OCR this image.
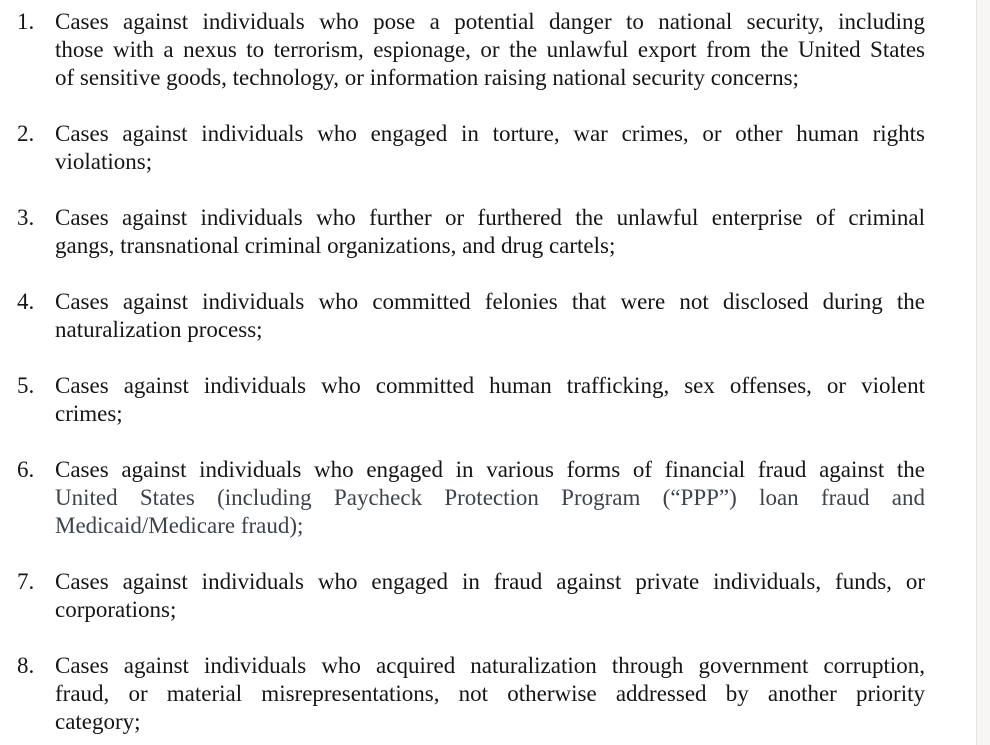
1. Cases against individuals who pose a potential danger to national security, including
those with a nexus to terrorism, espionage, or the unlawful export from the United States
of sensitive goods, technology, or information raising national security concerns;
2. Cases against individuals who engaged in torture, war crimes, or other human rights
violations;
3. Cases against individuals who further or furthered the unlawful enterprise of criminal
gangs, transnational criminal organizations, and drug cartels;
4. Cases against individuals who committed felonies that were not disclosed during the
naturalization process;
5. Cases against individuals who committed human trafficking, sex offenses, or violent
crimes;
6. Cases against individuals who engaged in various forms of financial fraud against the
United States (including Paycheck Protection Program (“PPP”) loan fraud and
Medicaid/Medicare fraud);
7. Cases against individuals who engaged in fraud against private individuals, funds, or
corporations;
8. Cases against individuals who acquired naturalization through government corruption,
fraud, or material misrepresentations, not otherwise addressed by another priority
category;
